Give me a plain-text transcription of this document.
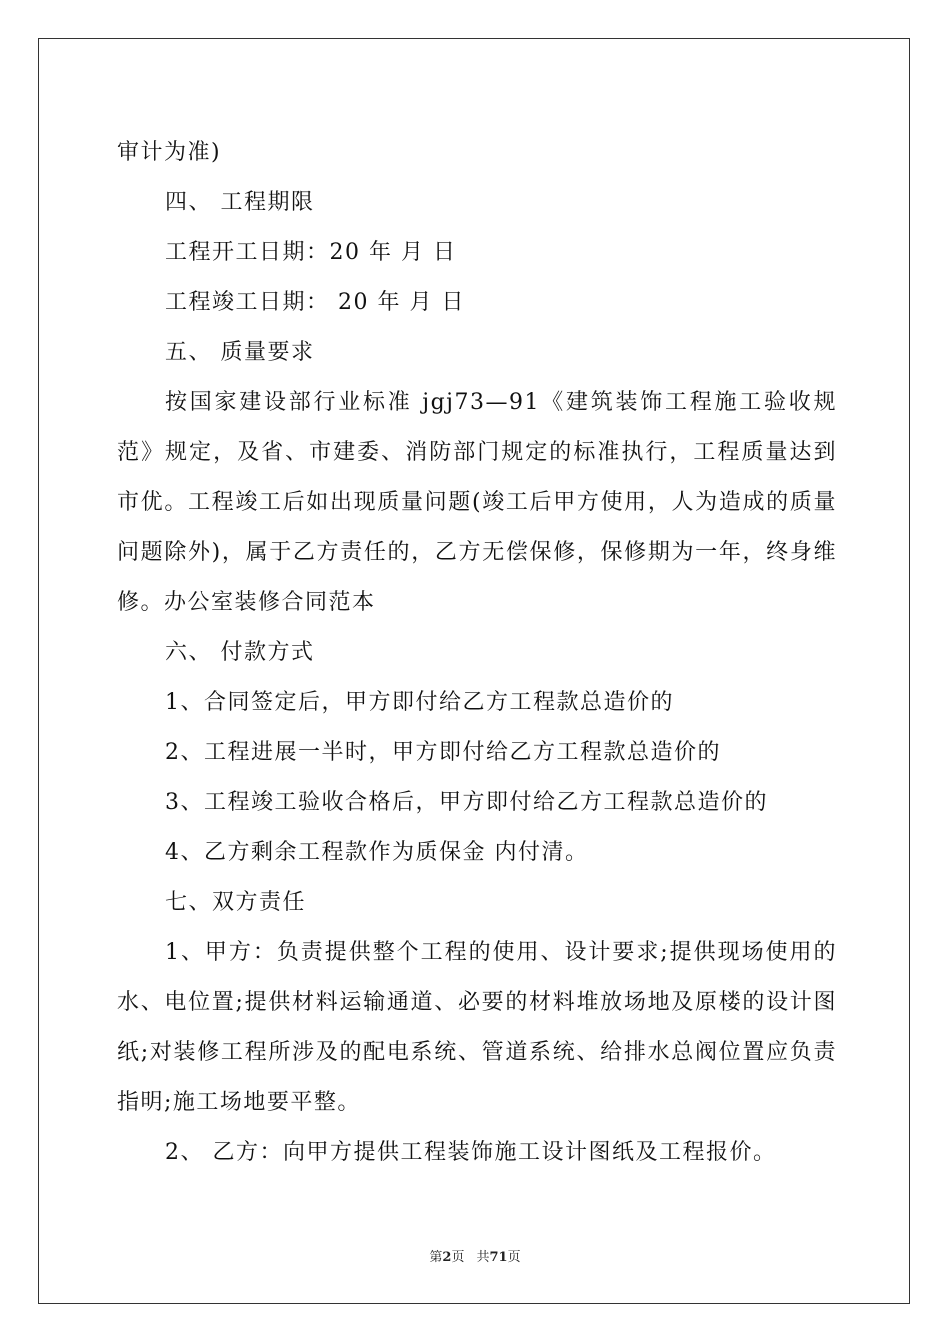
审计为准)

四、 工程期限

工程开工日期：20 年 月 日

工程竣工日期： 20 年 月 日

五、 质量要求

按国家建设部行业标准 jgj73—91《建筑装饰工程施工验收规范》规定，及省、市建委、消防部门规定的标准执行，工程质量达到市优。工程竣工后如出现质量问题(竣工后甲方使用，人为造成的质量问题除外)，属于乙方责任的，乙方无偿保修，保修期为一年，终身维修。办公室装修合同范本

六、 付款方式

1、合同签定后，甲方即付给乙方工程款总造价的

2、工程进展一半时，甲方即付给乙方工程款总造价的

3、工程竣工验收合格后，甲方即付给乙方工程款总造价的

4、乙方剩余工程款作为质保金 内付清。

七、双方责任

1、甲方：负责提供整个工程的使用、设计要求;提供现场使用的水、电位置;提供材料运输通道、必要的材料堆放场地及原楼的设计图纸;对装修工程所涉及的配电系统、管道系统、给排水总阀位置应负责指明;施工场地要平整。

2、 乙方：向甲方提供工程装饰施工设计图纸及工程报价。

第2页 共71页
